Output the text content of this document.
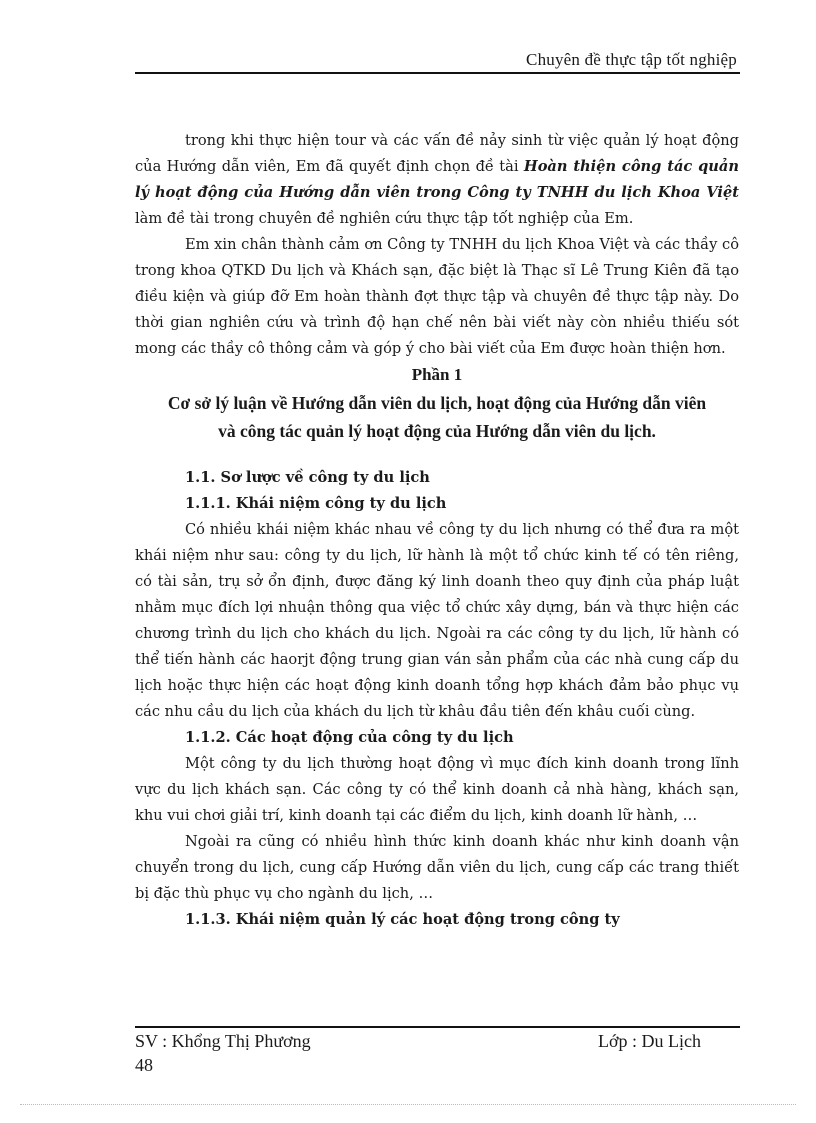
Chuyên đề thực tập tốt nghiệp

trong khi thực hiện tour và các vấn đề nảy sinh từ việc quản lý hoạt động của Hướng dẫn viên, Em đã quyết định chọn đề tài Hoàn thiện công tác quản lý hoạt động của Hướng dẫn viên trong Công ty TNHH du lịch Khoa Việt làm đề tài trong chuyên đề nghiên cứu thực tập tốt nghiệp của Em.

Em xin chân thành cảm ơn Công ty TNHH du lịch Khoa Việt và các thầy cô trong khoa QTKD Du lịch và Khách sạn, đặc biệt là Thạc sĩ Lê Trung Kiên đã tạo điều kiện và giúp đỡ Em hoàn thành đợt thực tập và chuyên đề thực tập này. Do thời gian nghiên cứu và trình độ hạn chế nên bài viết này còn nhiều thiếu sót mong các thầy cô thông cảm và góp ý cho bài viết của Em được hoàn thiện hơn.

Phần 1
Cơ sở lý luận về Hướng dẫn viên du lịch, hoạt động của Hướng dẫn viên
và công tác quản lý hoạt động của Hướng dẫn viên du lịch.
1.1. Sơ lược về công ty du lịch
1.1.1. Khái niệm công ty du lịch

Có nhiều khái niệm khác nhau về công ty du lịch nhưng có thể đưa ra một khái niệm như sau: công ty du lịch, lữ hành là một tổ chức kinh tế có tên riêng, có tài sản, trụ sở ổn định, được đăng ký linh doanh theo quy định của pháp luật nhằm mục đích lợi nhuận thông qua việc tổ chức xây dựng, bán và thực hiện các chương trình du lịch cho khách du lịch. Ngoài ra các công ty du lịch, lữ hành có thể tiến hành các haorjt động trung gian ván sản phẩm của các nhà cung cấp du lịch hoặc thực hiện các hoạt động kinh doanh tổng hợp khách đảm bảo phục vụ các nhu cầu du lịch của khách du lịch từ khâu đầu tiên đến khâu cuối cùng.

1.1.2. Các hoạt động của công ty du lịch

Một công ty du lịch thường hoạt động vì mục đích kinh doanh trong lĩnh vực du lịch khách sạn. Các công ty có thể kinh doanh cả nhà hàng, khách sạn, khu vui chơi giải trí, kinh doanh tại các điểm du lịch, kinh doanh lữ hành, …

Ngoài ra cũng có nhiều hình thức kinh doanh khác như kinh doanh vận chuyển trong du lịch, cung cấp Hướng dẫn viên du lịch, cung cấp các trang thiết bị đặc thù phục vụ cho ngành du lịch, …

1.1.3. Khái niệm quản lý các hoạt động trong công ty
SV : Khổng Thị Phương	Lớp : Du Lịch
48
